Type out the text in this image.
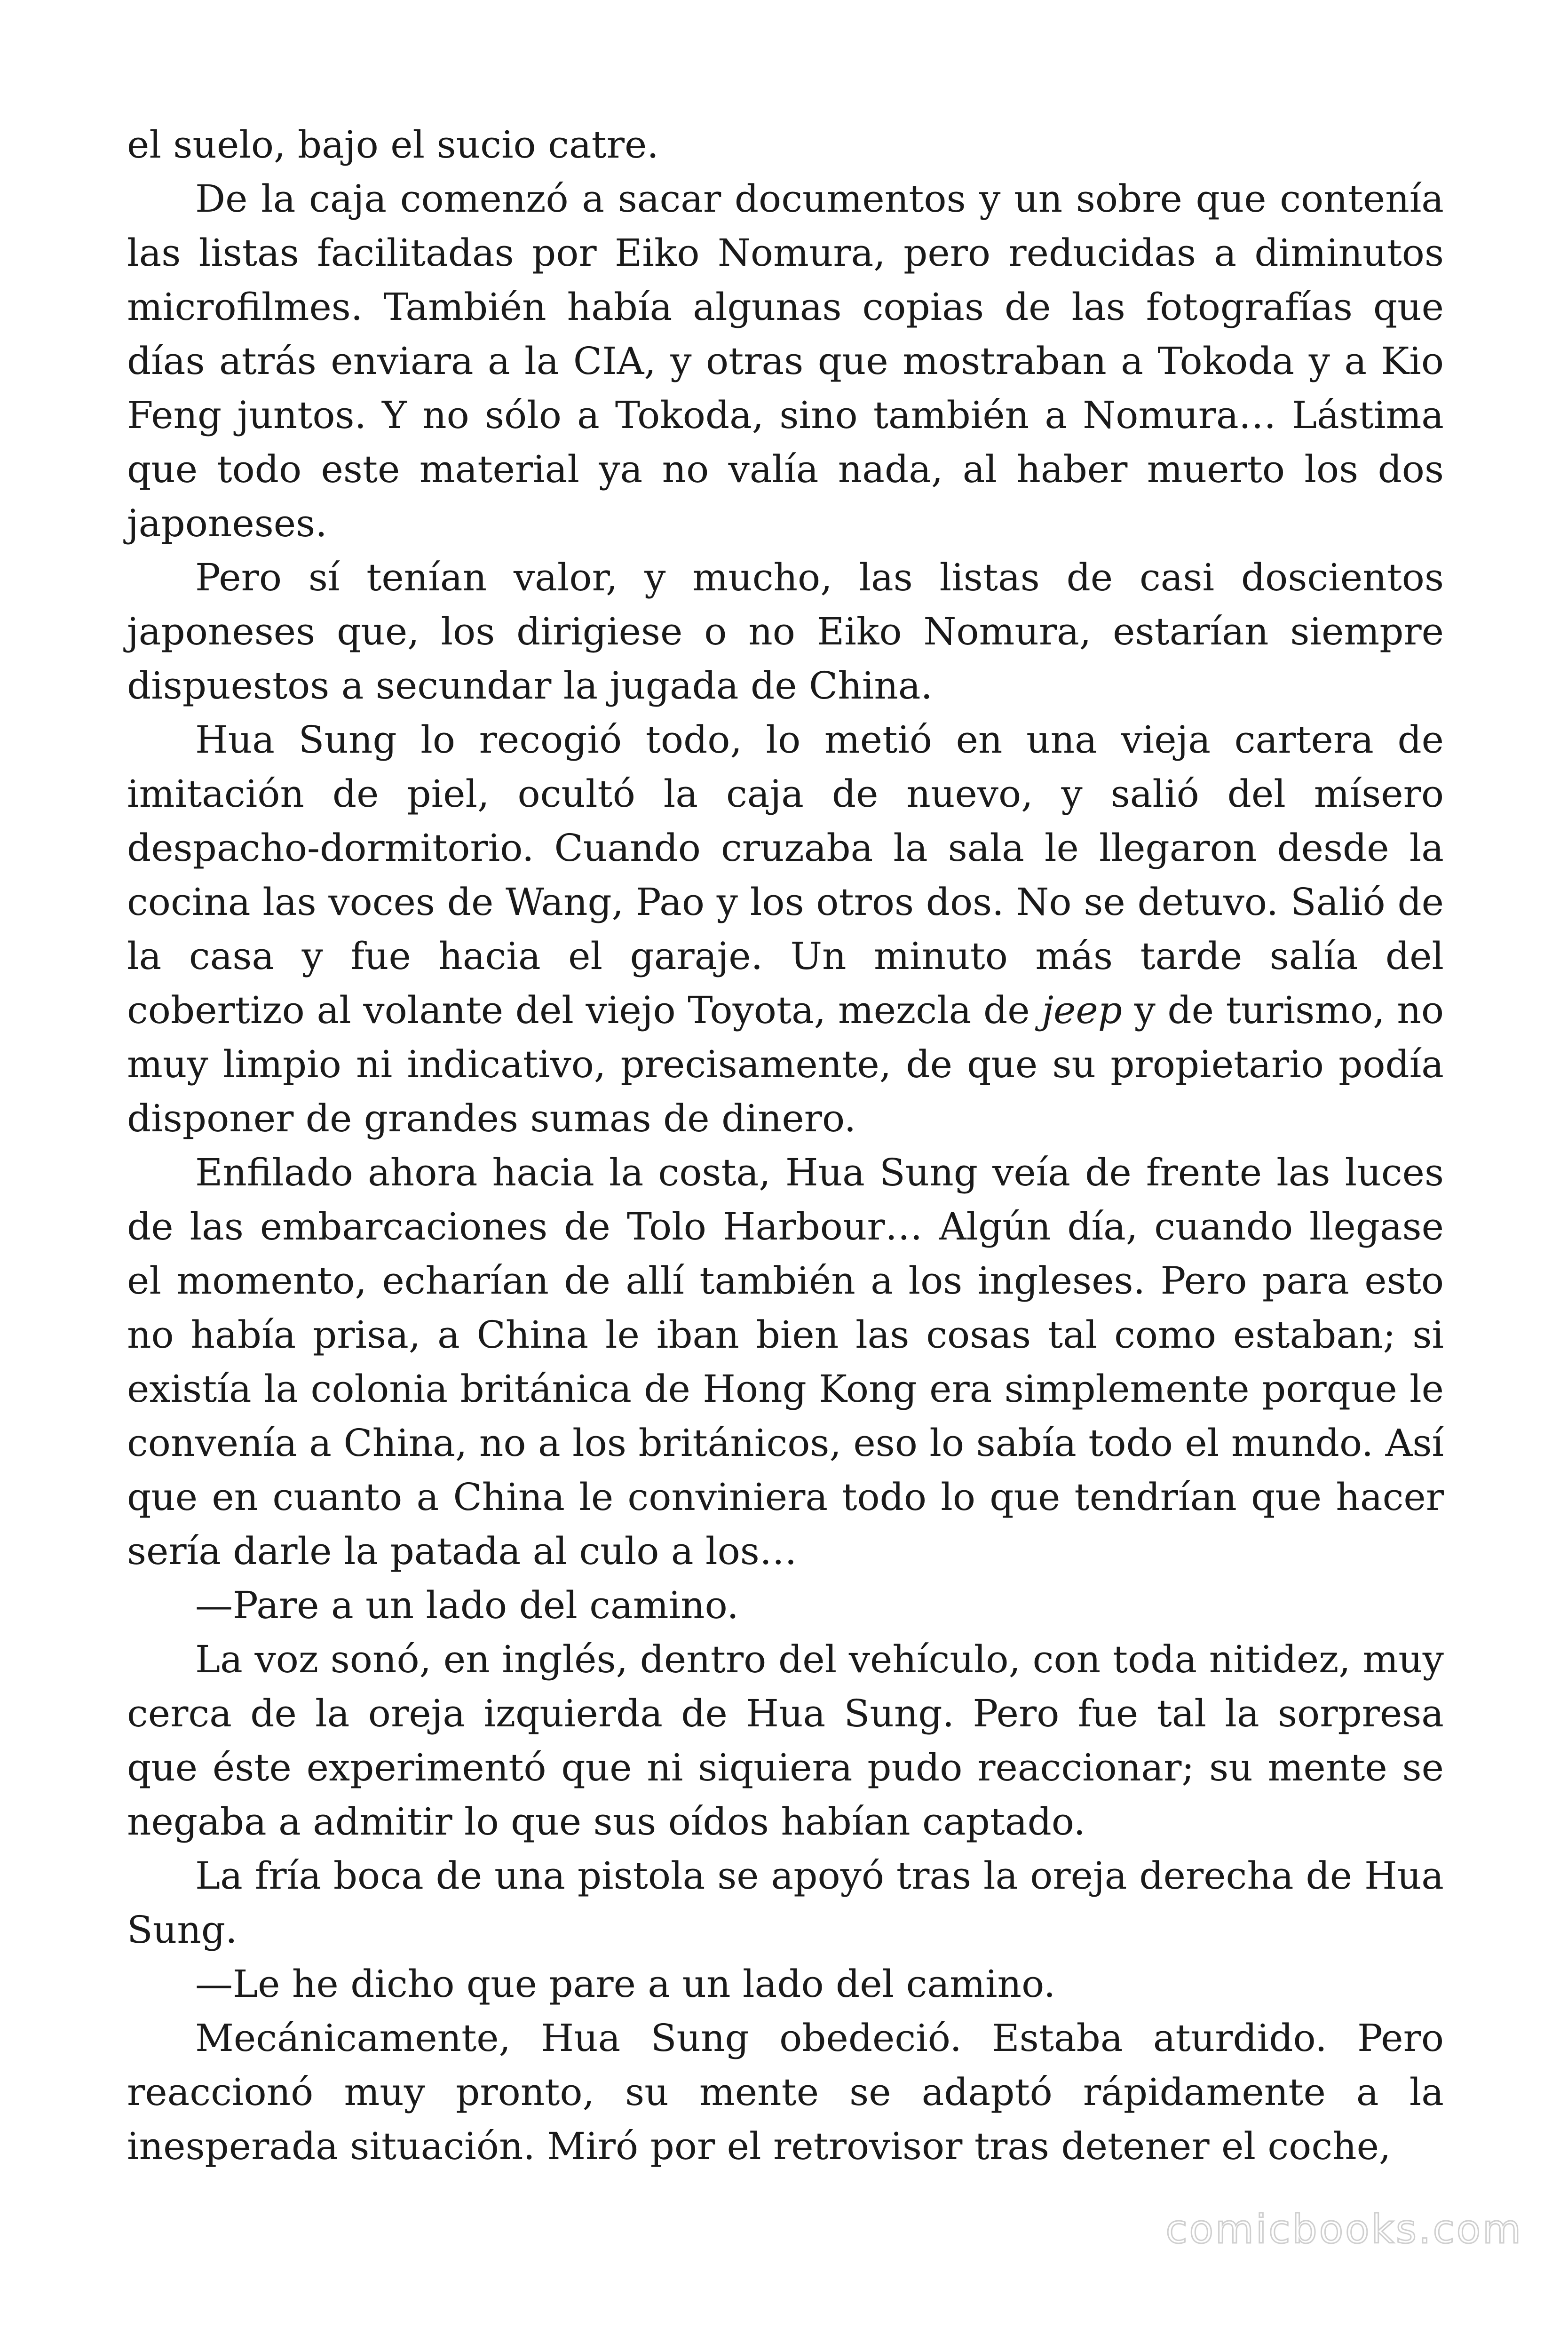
el suelo, bajo el sucio catre.

De la caja comenzó a sacar documentos y un sobre que contenía las listas facilitadas por Eiko Nomura, pero reducidas a diminutos microfilmes. También había algunas copias de las fotografías que días atrás enviara a la CIA, y otras que mostraban a Tokoda y a Kio Feng juntos. Y no sólo a Tokoda, sino también a Nomura… Lástima que todo este material ya no valía nada, al haber muerto los dos japoneses.

Pero sí tenían valor, y mucho, las listas de casi doscientos japoneses que, los dirigiese o no Eiko Nomura, estarían siempre dispuestos a secundar la jugada de China.

Hua Sung lo recogió todo, lo metió en una vieja cartera de imitación de piel, ocultó la caja de nuevo, y salió del mísero despacho-dormitorio. Cuando cruzaba la sala le llegaron desde la cocina las voces de Wang, Pao y los otros dos. No se detuvo. Salió de la casa y fue hacia el garaje. Un minuto más tarde salía del cobertizo al volante del viejo Toyota, mezcla de jeep y de turismo, no muy limpio ni indicativo, precisamente, de que su propietario podía disponer de grandes sumas de dinero.

Enfilado ahora hacia la costa, Hua Sung veía de frente las luces de las embarcaciones de Tolo Harbour… Algún día, cuando llegase el momento, echarían de allí también a los ingleses. Pero para esto no había prisa, a China le iban bien las cosas tal como estaban; si existía la colonia británica de Hong Kong era simplemente porque le convenía a China, no a los británicos, eso lo sabía todo el mundo. Así que en cuanto a China le conviniera todo lo que tendrían que hacer sería darle la patada al culo a los…

—Pare a un lado del camino.

La voz sonó, en inglés, dentro del vehículo, con toda nitidez, muy cerca de la oreja izquierda de Hua Sung. Pero fue tal la sorpresa que éste experimentó que ni siquiera pudo reaccionar; su mente se negaba a admitir lo que sus oídos habían captado.

La fría boca de una pistola se apoyó tras la oreja derecha de Hua Sung.

—Le he dicho que pare a un lado del camino.

Mecánicamente, Hua Sung obedeció. Estaba aturdido. Pero reaccionó muy pronto, su mente se adaptó rápidamente a la inesperada situación. Miró por el retrovisor tras detener el coche,

comicbooks.com
